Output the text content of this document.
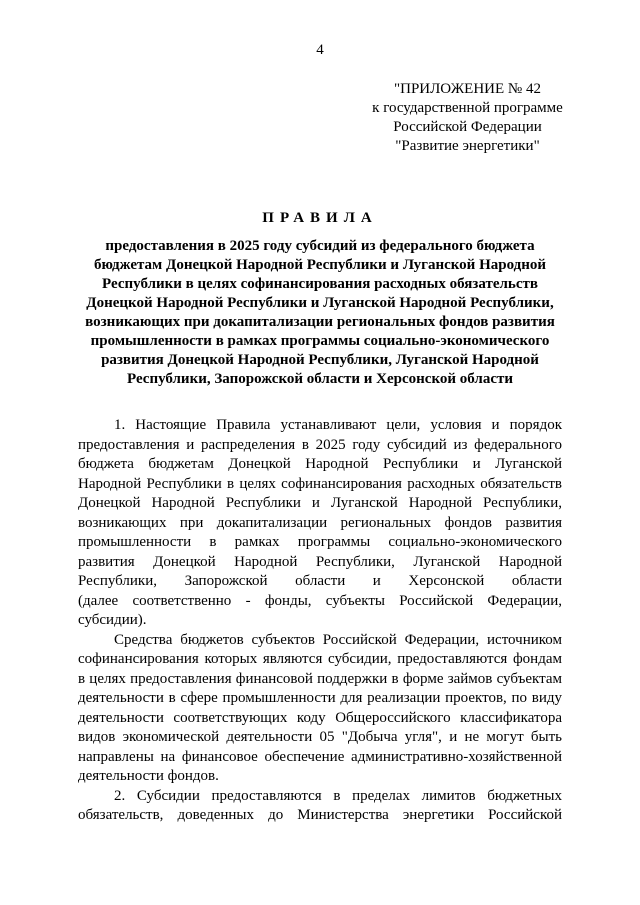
4
"ПРИЛОЖЕНИЕ № 42
к государственной программе
Российской Федерации
"Развитие энергетики"
ПРАВИЛА
предоставления в 2025 году субсидий из федерального бюджета
бюджетам Донецкой Народной Республики и Луганской Народной
Республики в целях софинансирования расходных обязательств
Донецкой Народной Республики и Луганской Народной Республики,
возникающих при докапитализации региональных фондов развития
промышленности в рамках программы социально-экономического
развития Донецкой Народной Республики, Луганской Народной
Республики, Запорожской области и Херсонской области
1. Настоящие Правила устанавливают цели, условия и порядок
предоставления и распределения в 2025 году субсидий из федерального
бюджета бюджетам Донецкой Народной Республики и Луганской
Народной Республики в целях софинансирования расходных обязательств
Донецкой Народной Республики и Луганской Народной Республики,
возникающих при докапитализации региональных фондов развития
промышленности в рамках программы социально-экономического
развития Донецкой Народной Республики, Луганской Народной
Республики, Запорожской области и Херсонской области
(далее соответственно - фонды, субъекты Российской Федерации,
субсидии).
Средства бюджетов субъектов Российской Федерации, источником
софинансирования которых являются субсидии, предоставляются фондам
в целях предоставления финансовой поддержки в форме займов субъектам
деятельности в сфере промышленности для реализации проектов, по виду
деятельности соответствующих коду Общероссийского классификатора
видов экономической деятельности 05 "Добыча угля", и не могут быть
направлены на финансовое обеспечение административно-хозяйственной
деятельности фондов.
2. Субсидии предоставляются в пределах лимитов бюджетных
обязательств, доведенных до Министерства энергетики Российской
